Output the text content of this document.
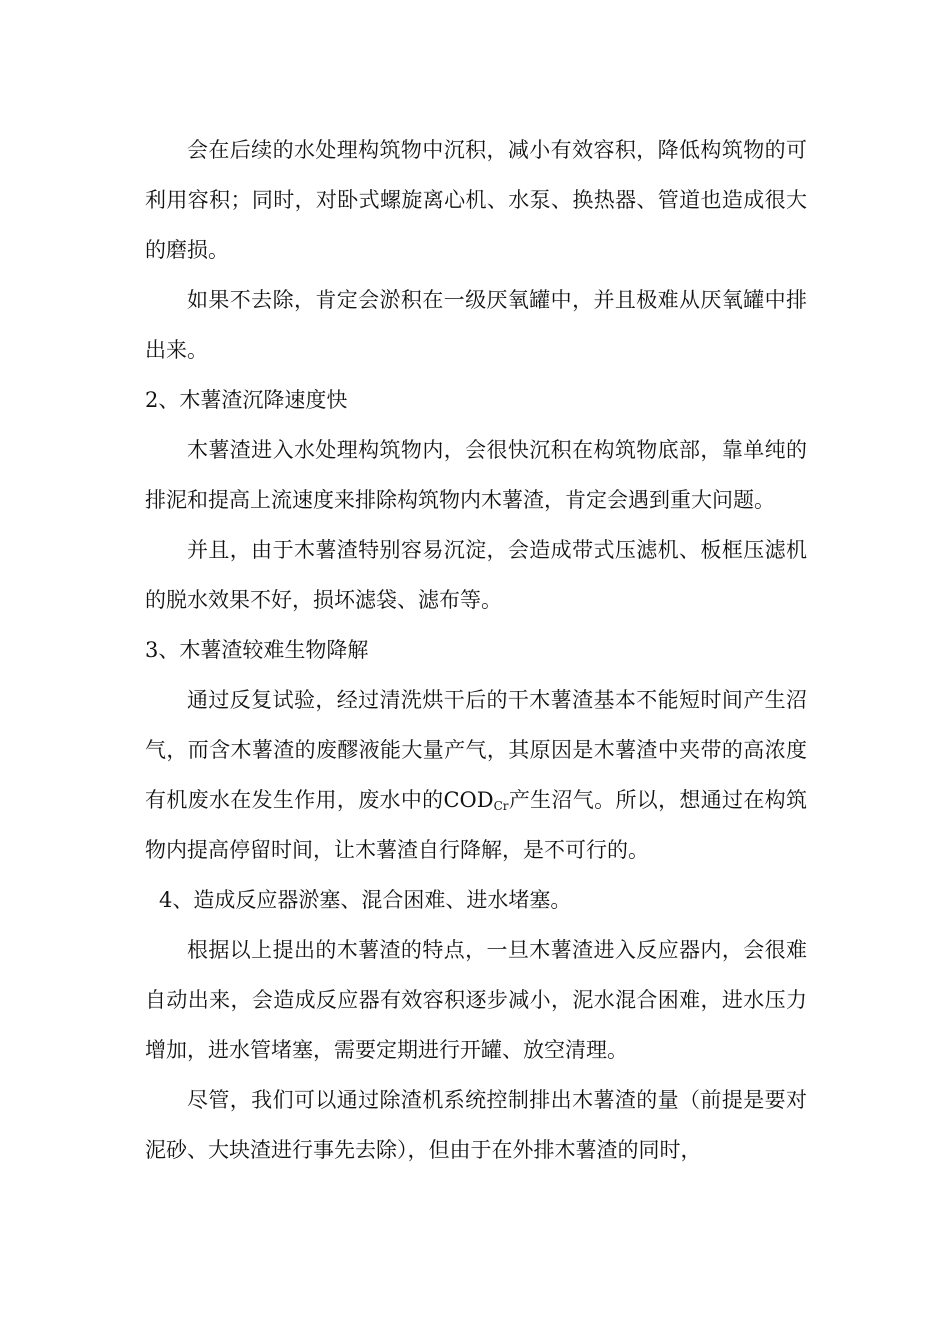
会在后续的水处理构筑物中沉积，减小有效容积，降低构筑物的可利用容积；同时，对卧式螺旋离心机、水泵、换热器、管道也造成很大的磨损。

如果不去除，肯定会淤积在一级厌氧罐中，并且极难从厌氧罐中排出来。

2、木薯渣沉降速度快

木薯渣进入水处理构筑物内，会很快沉积在构筑物底部，靠单纯的排泥和提高上流速度来排除构筑物内木薯渣，肯定会遇到重大问题。

并且，由于木薯渣特别容易沉淀，会造成带式压滤机、板框压滤机的脱水效果不好，损坏滤袋、滤布等。

3、木薯渣较难生物降解

通过反复试验，经过清洗烘干后的干木薯渣基本不能短时间产生沼气，而含木薯渣的废醪液能大量产气，其原因是木薯渣中夹带的高浓度有机废水在发生作用，废水中的$COD_{Cr}$产生沼气。所以，想通过在构筑物内提高停留时间，让木薯渣自行降解，是不可行的。

4、造成反应器淤塞、混合困难、进水堵塞。

根据以上提出的木薯渣的特点，一旦木薯渣进入反应器内，会很难自动出来，会造成反应器有效容积逐步减小，泥水混合困难，进水压力增加，进水管堵塞，需要定期进行开罐、放空清理。

尽管，我们可以通过除渣机系统控制排出木薯渣的量（前提是要对泥砂、大块渣进行事先去除），但由于在外排木薯渣的同时，
